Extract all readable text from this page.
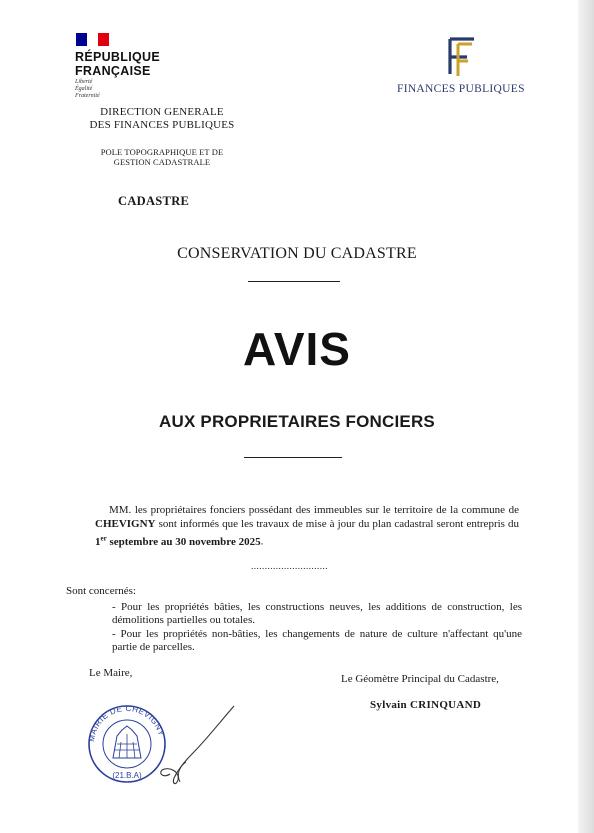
RÉPUBLIQUE
FRANÇAISE
Liberté
Égalité
Fraternité
DIRECTION GENERALE
DES FINANCES PUBLIQUES
POLE TOPOGRAPHIQUE ET DE
GESTION CADASTRALE
CADASTRE
FINANCES PUBLIQUES
CONSERVATION DU CADASTRE
AVIS
AUX PROPRIETAIRES FONCIERS
MM. les propriétaires fonciers possédant des immeubles sur le territoire de la commune de CHEVIGNY sont informés que les travaux de mise à jour du plan cadastral seront entrepris du 1er septembre au 30 novembre 2025.
............................
Sont concernés:
- Pour les propriétés bâties, les constructions neuves, les additions de construction, les démolitions partielles ou totales.
- Pour les propriétés non-bâties, les changements de nature de culture n'affectant qu'une partie de parcelles.
Le Maire,	Le Géomètre Principal du Cadastre,
Sylvain CRINQUAND
MAIRIE DE CHEVIGNY
(21.B.A)
